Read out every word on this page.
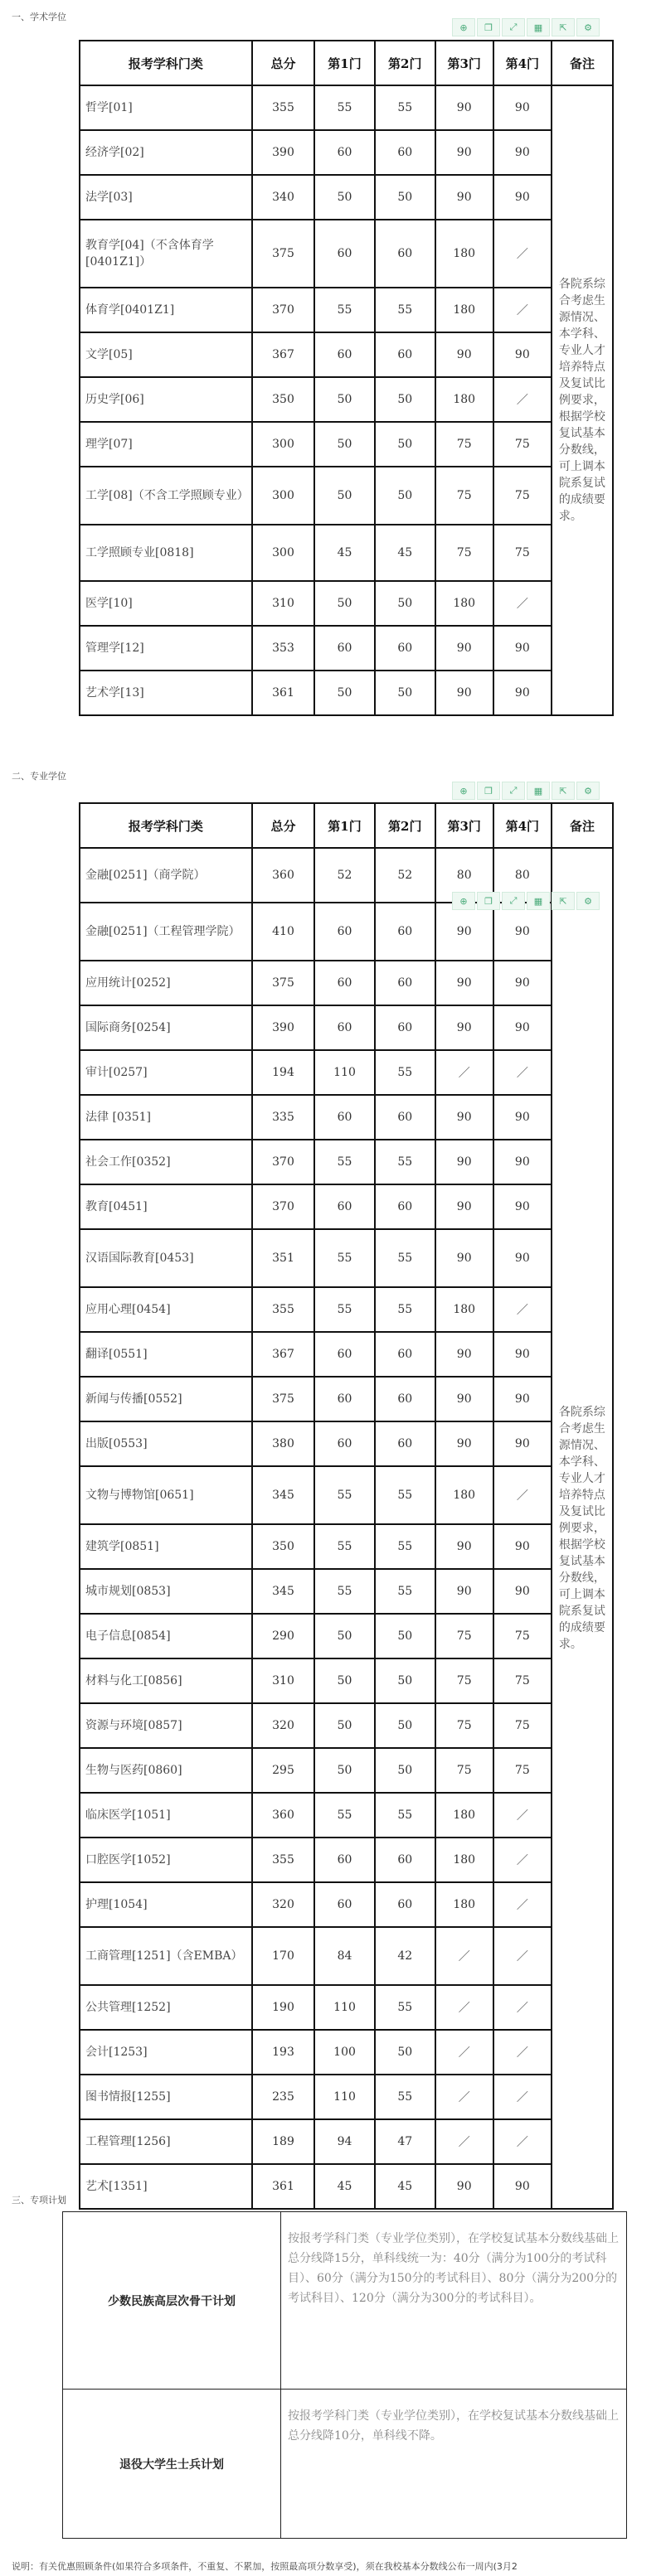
一、学术学位
⊕	❐	⤢	▦	⇱	⚙
报考学科门类	总分	第1门	第2门	第3门	第4门	备注
哲学[01]	355	55	55	90	90	各院系综合考虑生源情况、本学科、专业人才培养特点及复试比例要求，根据学校复试基本分数线，可上调本院系复试的成绩要求。
经济学[02]	390	60	60	90	90	
法学[03]	340	50	50	90	90	
教育学[04]（不含体育学[0401Z1]）	375	60	60	180	／	
体育学[0401Z1]	370	55	55	180	／	
文学[05]	367	60	60	90	90	
历史学[06]	350	50	50	180	／	
理学[07]	300	50	50	75	75	
工学[08]（不含工学照顾专业）	300	50	50	75	75	
工学照顾专业[0818]	300	45	45	75	75	
医学[10]	310	50	50	180	／	
管理学[12]	353	60	60	90	90	
艺术学[13]	361	50	50	90	90	
二、专业学位
⊕	❐	⤢	▦	⇱	⚙
报考学科门类	总分	第1门	第2门	第3门	第4门	备注
金融[0251]（商学院）	360	52	52	80	80	各院系综合考虑生源情况、本学科、专业人才培养特点及复试比例要求，根据学校复试基本分数线，可上调本院系复试的成绩要求。
金融[0251]（工程管理学院）	410	60	60	90	90	
应用统计[0252]	375	60	60	90	90	
国际商务[0254]	390	60	60	90	90	
审计[0257]	194	110	55	／	／	
法律 [0351]	335	60	60	90	90	
社会工作[0352]	370	55	55	90	90	
教育[0451]	370	60	60	90	90	
汉语国际教育[0453]	351	55	55	90	90	
应用心理[0454]	355	55	55	180	／	
翻译[0551]	367	60	60	90	90	
新闻与传播[0552]	375	60	60	90	90	
出版[0553]	380	60	60	90	90	
文物与博物馆[0651]	345	55	55	180	／	
建筑学[0851]	350	55	55	90	90	
城市规划[0853]	345	55	55	90	90	
电子信息[0854]	290	50	50	75	75	
材料与化工[0856]	310	50	50	75	75	
资源与环境[0857]	320	50	50	75	75	
生物与医药[0860]	295	50	50	75	75	
临床医学[1051]	360	55	55	180	／	
口腔医学[1052]	355	60	60	180	／	
护理[1054]	320	60	60	180	／	
工商管理[1251]（含EMBA）	170	84	42	／	／	
公共管理[1252]	190	110	55	／	／	
会计[1253]	193	100	50	／	／	
图书情报[1255]	235	110	55	／	／	
工程管理[1256]	189	94	47	／	／	
艺术[1351]	361	45	45	90	90	
⊕	❐	⤢	▦	⇱	⚙
三、专项计划
少数民族高层次骨干计划	按报考学科门类（专业学位类别），在学校复试基本分数线基础上总分线降15分，单科线统一为：40分（满分为100分的考试科目）、60分（满分为150分的考试科目）、80分（满分为200分的考试科目）、120分（满分为300分的考试科目）。
退役大学生士兵计划	按报考学科门类（专业学位类别），在学校复试基本分数线基础上总分线降10分，单科线不降。
说明：有关优惠照顾条件(如果符合多项条件，不重复、不累加，按照最高项分数享受)，须在我校基本分数线公布一周内(3月2
